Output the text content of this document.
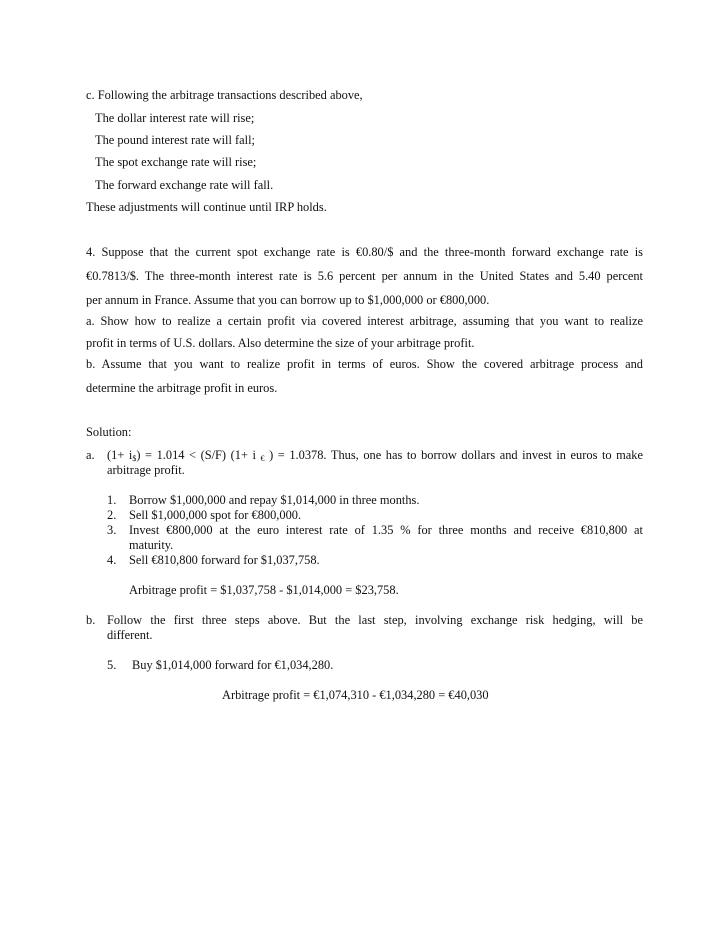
c. Following the arbitrage transactions described above,
The dollar interest rate will rise;
The pound interest rate will fall;
The spot exchange rate will rise;
The forward exchange rate will fall.
These adjustments will continue until IRP holds.
4. Suppose that the current spot exchange rate is €0.80/$ and the three-month forward exchange rate is
€0.7813/$. The three-month interest rate is 5.6 percent per annum in the United States and 5.40 percent
per annum in France. Assume that you can borrow up to $1,000,000 or €800,000.
a. Show how to realize a certain profit via covered interest arbitrage, assuming that you want to realize
profit in terms of U.S. dollars. Also determine the size of your arbitrage profit.
b. Assume that you want to realize profit in terms of euros. Show the covered arbitrage process and
determine the arbitrage profit in euros.
Solution:
a. $(1+ i_{\$}) = 1.014 < (S/F)$ (1+ i $_€$ ) = 1.0378. Thus, one has to borrow dollars and invest in euros to make
arbitrage profit.
1. Borrow $1,000,000 and repay $1,014,000 in three months.
2. Sell $1,000,000 spot for €800,000.
3. Invest €800,000 at the euro interest rate of 1.35 % for three months and receive €810,800 at
maturity.
4. Sell €810,800 forward for $1,037,758.
Arbitrage profit = $1,037,758 - $1,014,000 = $23,758.
b. Follow the first three steps above. But the last step, involving exchange risk hedging, will be
different.
5. Buy $1,014,000 forward for €1,034,280.
Arbitrage profit = €1,074,310 - €1,034,280 = €40,030
